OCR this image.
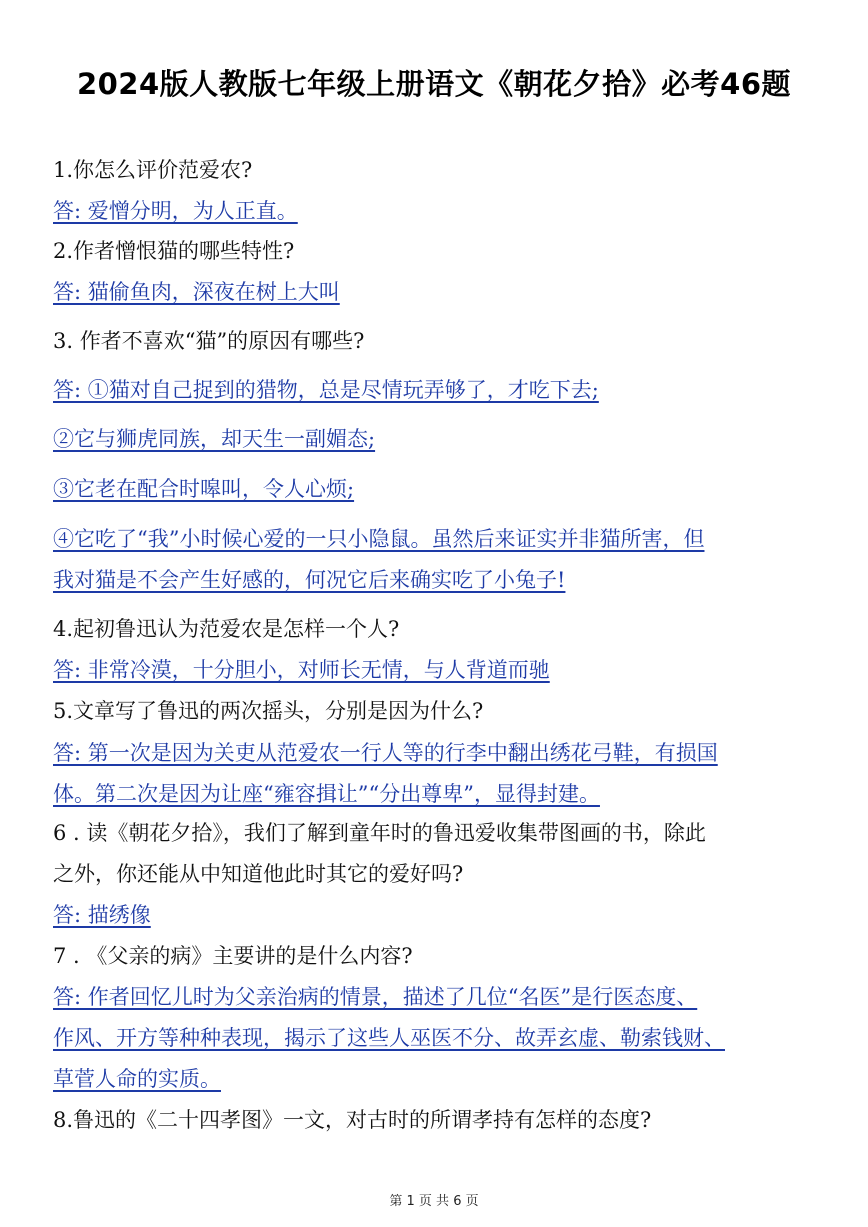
2024版人教版七年级上册语文《朝花夕拾》必考46题
1.你怎么评价范爱农?
答: 爱憎分明，为人正直。
2.作者憎恨猫的哪些特性?
答: 猫偷鱼肉，深夜在树上大叫
3. 作者不喜欢“猫”的原因有哪些?
答: ①猫对自己捉到的猎物，总是尽情玩弄够了，才吃下去;
②它与狮虎同族，却天生一副媚态;
③它老在配合时嗥叫，令人心烦;
④它吃了“我”小时候心爱的一只小隐鼠。虽然后来证实并非猫所害，但
我对猫是不会产生好感的，何况它后来确实吃了小兔子!
4.起初鲁迅认为范爱农是怎样一个人?
答: 非常冷漠，十分胆小，对师长无情，与人背道而驰
5.文章写了鲁迅的两次摇头，分别是因为什么?
答: 第一次是因为关吏从范爱农一行人等的行李中翻出绣花弓鞋，有损国
体。第二次是因为让座“雍容揖让”“分出尊卑”，显得封建。
6 . 读《朝花夕拾》，我们了解到童年时的鲁迅爱收集带图画的书，除此
之外，你还能从中知道他此时其它的爱好吗?
答: 描绣像
7 . 《父亲的病》主要讲的是什么内容?
答: 作者回忆儿时为父亲治病的情景，描述了几位“名医”是行医态度、
作风、开方等种种表现，揭示了这些人巫医不分、故弄玄虚、勒索钱财、
草菅人命的实质。
8.鲁迅的《二十四孝图》一文，对古时的所谓孝持有怎样的态度?
第 1 页 共 6 页
